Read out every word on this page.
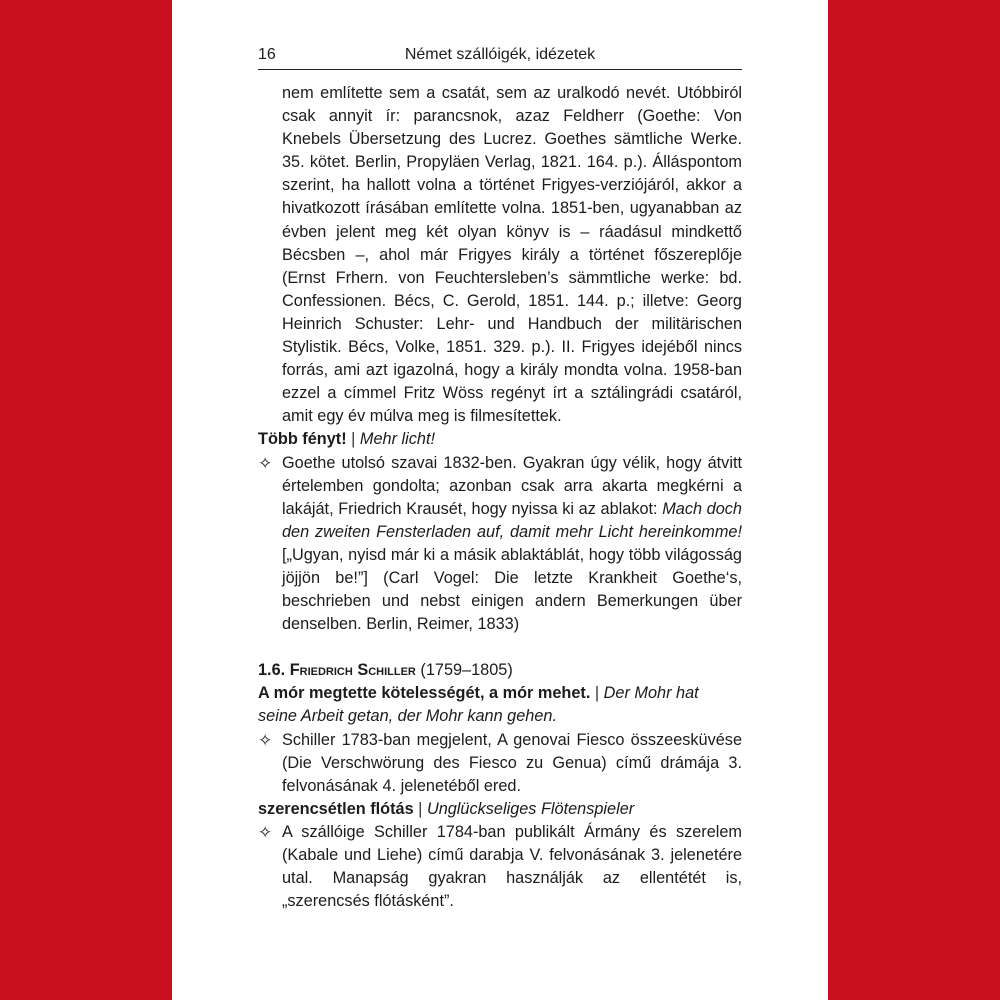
16	Német szállóigék, idézetek

nem említette sem a csatát, sem az uralkodó nevét. Utóbbiról csak annyit ír: parancsnok, azaz Feldherr (Goethe: Von Knebels Übersetzung des Lucrez. Goethes sämtliche Werke. 35. kötet. Berlin, Propyläen Verlag, 1821. 164. p.). Álláspontom szerint, ha hallott volna a történet Frigyes-verziójáról, akkor a hivatkozott írásában említette volna. 1851-ben, ugyanabban az évben jelent meg két olyan könyv is – ráadásul mindkettő Bécsben –, ahol már Frigyes király a történet főszereplője (Ernst Frhern. von Feuchtersleben’s sämmtliche werke: bd. Confessionen. Bécs, C. Gerold, 1851. 144. p.; illetve: Georg Heinrich Schuster: Lehr- und Handbuch der militärischen Stylistik. Bécs, Volke, 1851. 329. p.). II. Frigyes idejéből nincs forrás, ami azt igazolná, hogy a király mondta volna. 1958-ban ezzel a címmel Fritz Wöss regényt írt a sztálingrádi csatáról, amit egy év múlva meg is filmesítettek.

Több fényt! | Mehr licht!

✧ Goethe utolsó szavai 1832-ben. Gyakran úgy vélik, hogy átvitt értelemben gondolta; azonban csak arra akarta megkérni a lakáját, Friedrich Krausét, hogy nyissa ki az ablakot: Mach doch den zweiten Fensterladen auf, damit mehr Licht hereinkomme! [„Ugyan, nyisd már ki a másik ablaktáblát, hogy több világosság jöjjön be!”] (Carl Vogel: Die letzte Krankheit Goethe‘s, beschrieben und nebst einigen andern Bemerkungen über denselben. Berlin, Reimer, 1833)

1.6. Friedrich Schiller (1759–1805)

A mór megtette kötelességét, a mór mehet. | Der Mohr hat seine Arbeit getan, der Mohr kann gehen.

✧ Schiller 1783-ban megjelent, A genovai Fiesco összeesküvése (Die Verschwörung des Fiesco zu Genua) című drámája 3. felvonásának 4. jelenetéből ered.

szerencsétlen flótás | Unglückseliges Flötenspieler

✧ A szállóige Schiller 1784-ban publikált Ármány és szerelem (Kabale und Liehe) című darabja V. felvonásának 3. jelenetére utal. Manapság gyakran használják az ellentétét is, „szerencsés flótásként”.
